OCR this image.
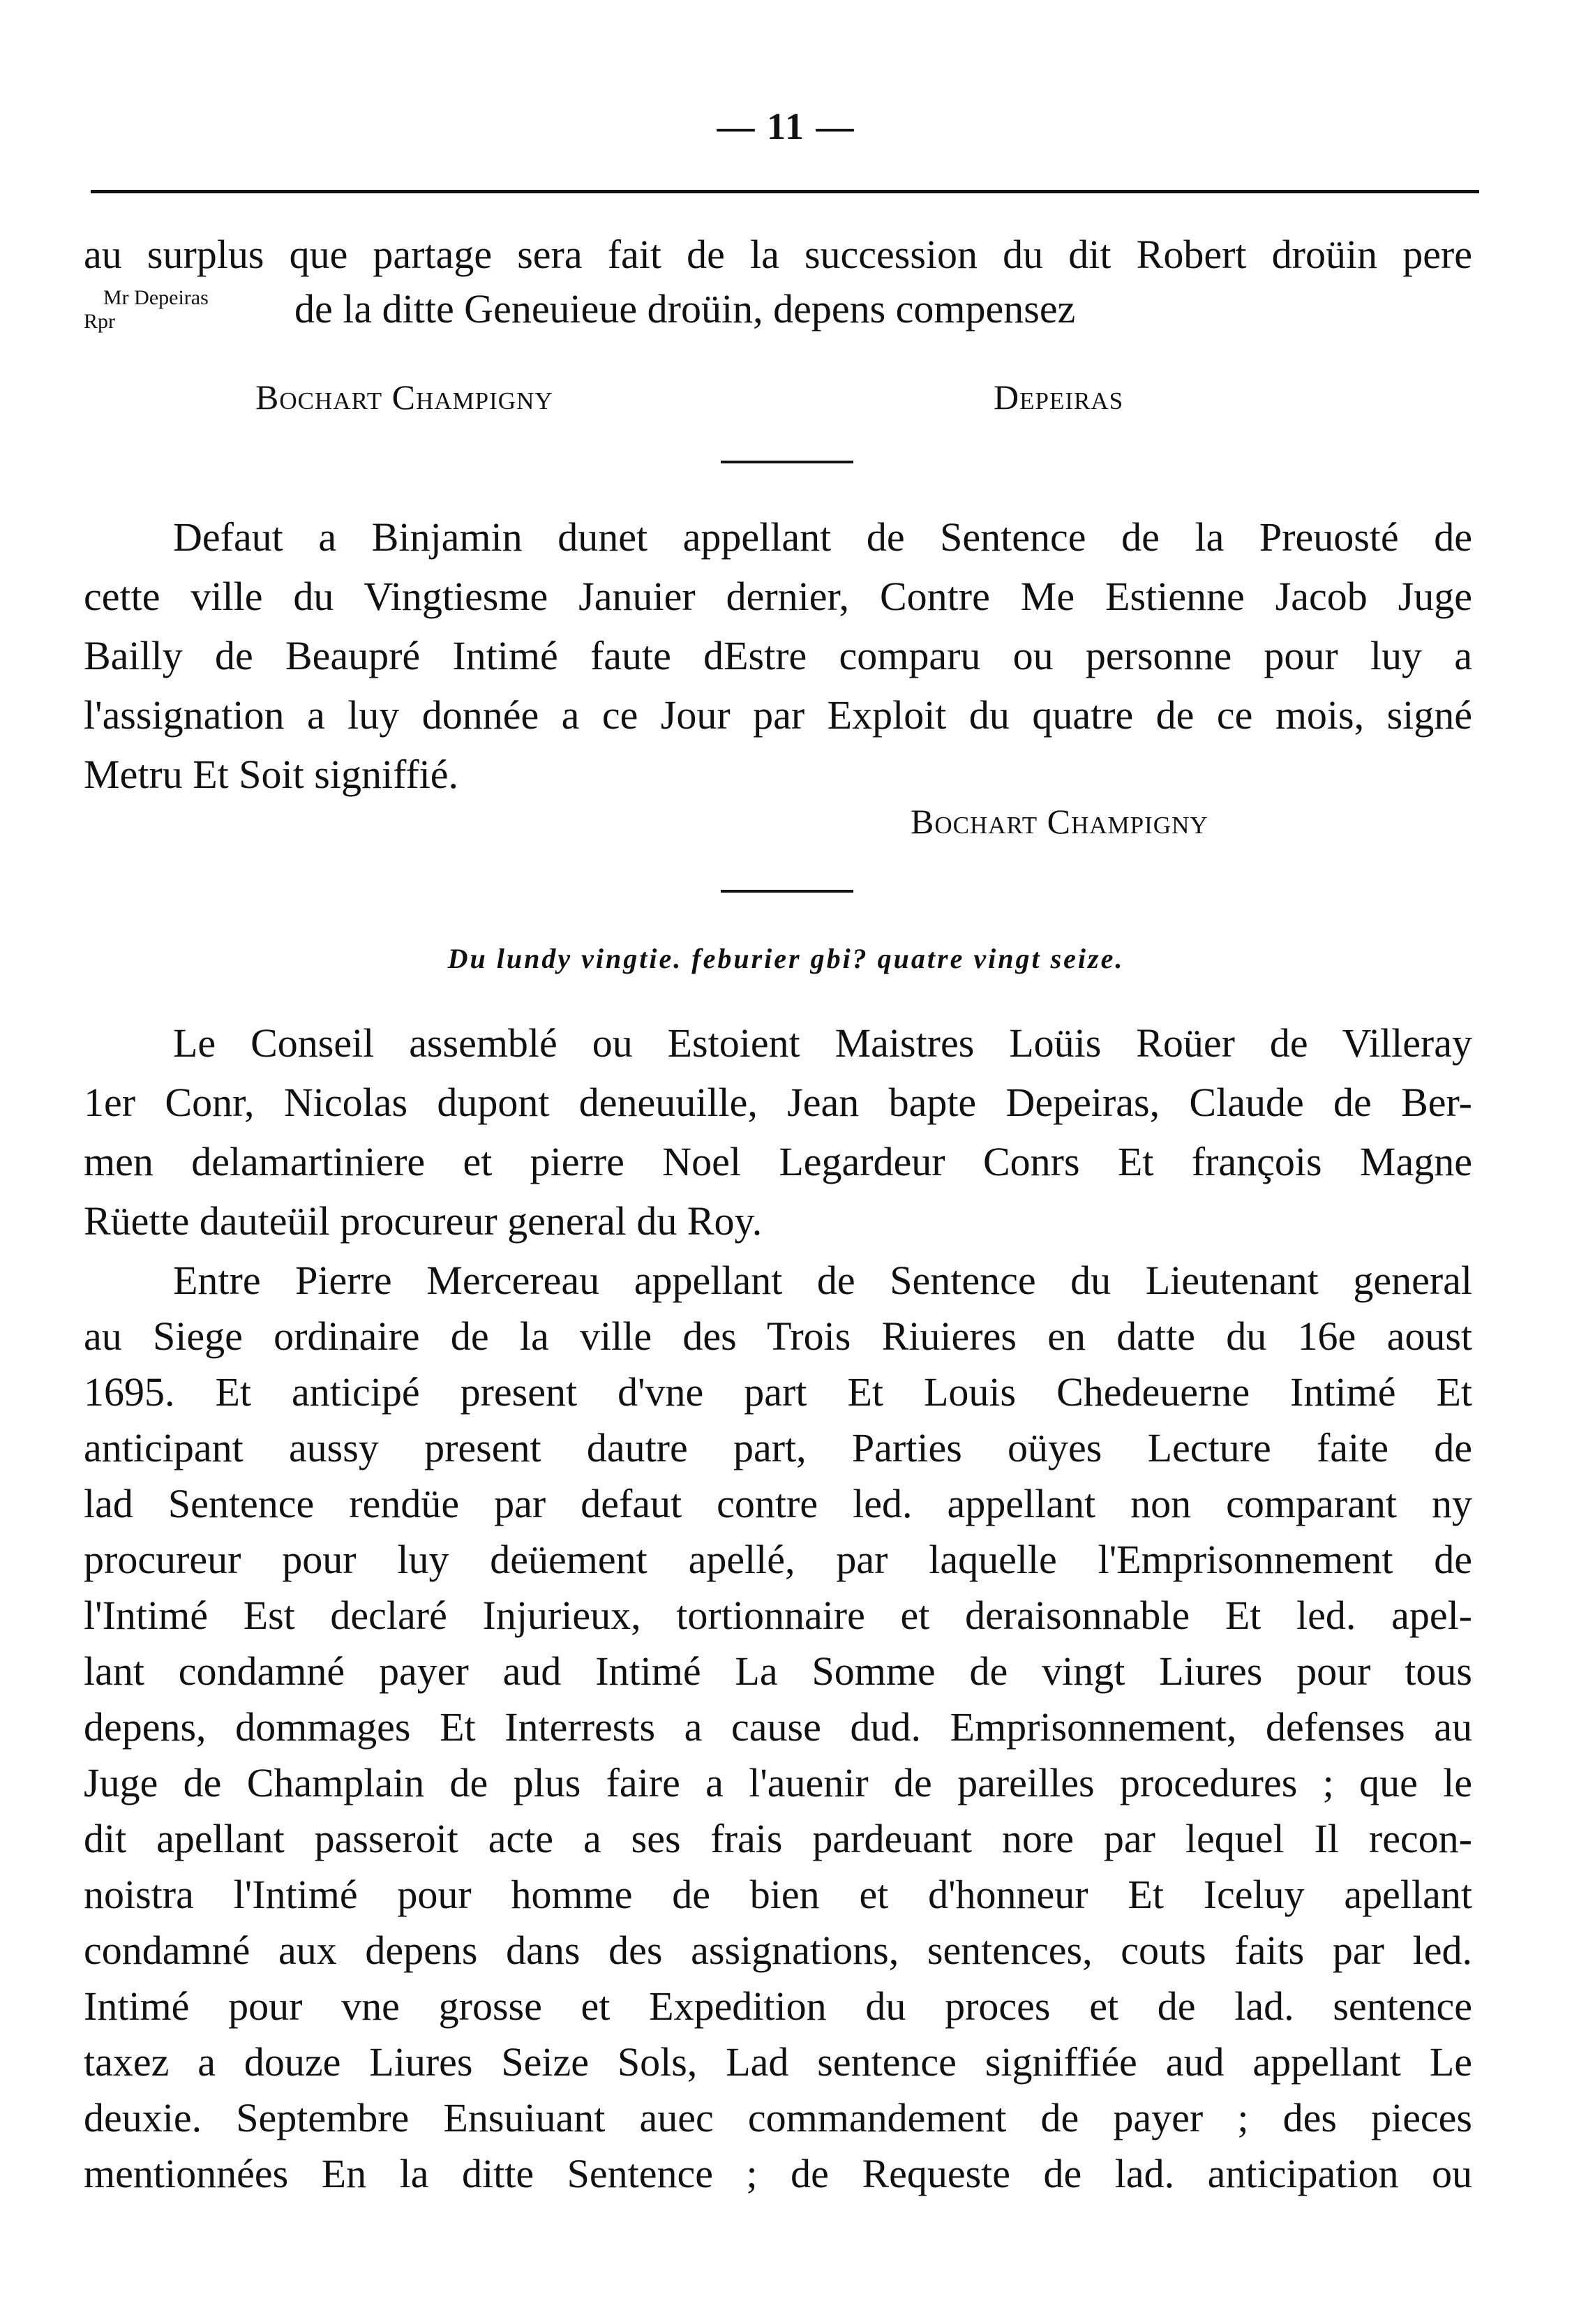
— 11 —
au surplus que partage sera fait de la succession du dit Robert droüin pere
Mr Depeiras
Rpr	de la ditte Geneuieue droüin, depens compensez
Bochart Champigny	Depeiras
Defaut a Binjamin dunet appellant de Sentence de la Preuosté de
cette ville du Vingtiesme Januier dernier, Contre Me Estienne Jacob Juge
Bailly de Beaupré Intimé faute dEstre comparu ou personne pour luy a
l'assignation a luy donnée a ce Jour par Exploit du quatre de ce mois, signé
Metru Et Soit signiffié.
Bochart Champigny
Du lundy vingtie. feburier gbi? quatre vingt seize.
Le Conseil assemblé ou Estoient Maistres Loüis Roüer de Villeray
1er Conr, Nicolas dupont deneuuille, Jean bapte Depeiras, Claude de Ber-
men delamartiniere et pierre Noel Legardeur Conrs Et françois Magne
Rüette dauteüil procureur general du Roy.
Entre Pierre Mercereau appellant de Sentence du Lieutenant general
au Siege ordinaire de la ville des Trois Riuieres en datte du 16e aoust
1695. Et anticipé present d'vne part Et Louis Chedeuerne Intimé Et
anticipant aussy present dautre part, Parties oüyes Lecture faite de
lad Sentence rendüe par defaut contre led. appellant non comparant ny
procureur pour luy deüement apellé, par laquelle l'Emprisonnement de
l'Intimé Est declaré Injurieux, tortionnaire et deraisonnable Et led. apel-
lant condamné payer aud Intimé La Somme de vingt Liures pour tous
depens, dommages Et Interrests a cause dud. Emprisonnement, defenses au
Juge de Champlain de plus faire a l'auenir de pareilles procedures ; que le
dit apellant passeroit acte a ses frais pardeuant nore par lequel Il recon-
noistra l'Intimé pour homme de bien et d'honneur Et Iceluy apellant
condamné aux depens dans des assignations, sentences, couts faits par led.
Intimé pour vne grosse et Expedition du proces et de lad. sentence
taxez a douze Liures Seize Sols, Lad sentence signiffiée aud appellant Le
deuxie. Septembre Ensuiuant auec commandement de payer ; des pieces
mentionnées En la ditte Sentence ; de Requeste de lad. anticipation ou
